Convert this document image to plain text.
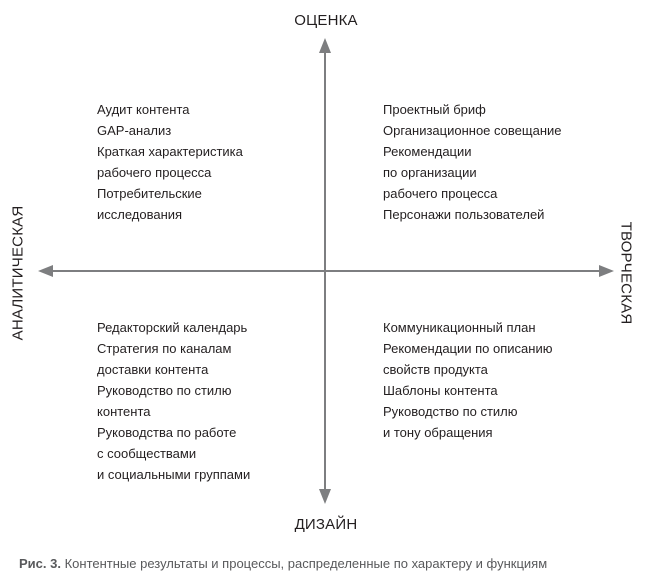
ОЦЕНКА
ДИЗАЙН
АНАЛИТИЧЕСКАЯ	ТВОРЧЕСКАЯ
Аудит контента
GAP-анализ
Краткая характеристика
рабочего процесса
Потребительские
исследования
Проектный бриф
Организационное совещание
Рекомендации
по организации
рабочего процесса
Персонажи пользователей
Редакторский календарь
Стратегия по каналам
доставки контента
Руководство по стилю
контента
Руководства по работе
с сообществами
и социальными группами
Коммуникационный план
Рекомендации по описанию
свойств продукта
Шаблоны контента
Руководство по стилю
и тону обращения
Рис. 3. Контентные результаты и процессы, распределенные по характеру и функциям
